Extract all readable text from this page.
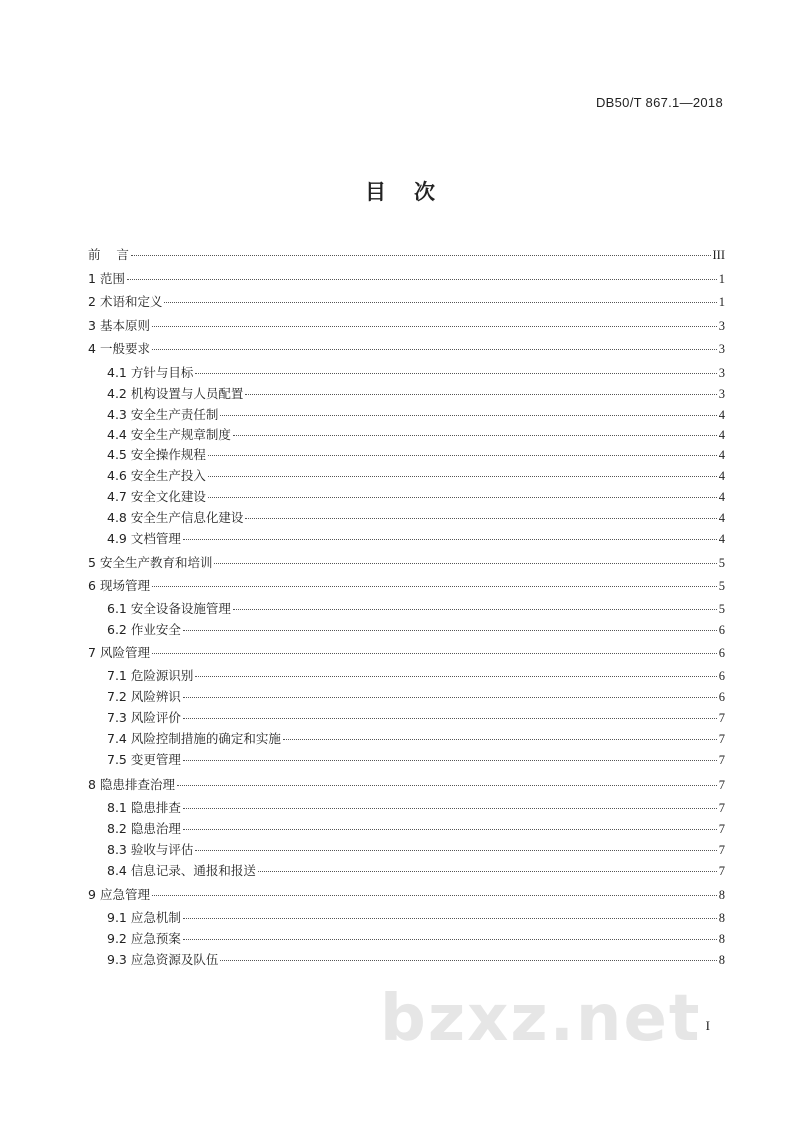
DB50/T 867.1—2018
目 次
前 言	III
1 范围	1
2 术语和定义	1
3 基本原则	3
4 一般要求	3
4.1 方针与目标	3
4.2 机构设置与人员配置	3
4.3 安全生产责任制	4
4.4 安全生产规章制度	4
4.5 安全操作规程	4
4.6 安全生产投入	4
4.7 安全文化建设	4
4.8 安全生产信息化建设	4
4.9 文档管理	4
5 安全生产教育和培训	5
6 现场管理	5
6.1 安全设备设施管理	5
6.2 作业安全	6
7 风险管理	6
7.1 危险源识别	6
7.2 风险辨识	6
7.3 风险评价	7
7.4 风险控制措施的确定和实施	7
7.5 变更管理	7
8 隐患排查治理	7
8.1 隐患排查	7
8.2 隐患治理	7
8.3 验收与评估	7
8.4 信息记录、通报和报送	7
9 应急管理	8
9.1 应急机制	8
9.2 应急预案	8
9.3 应急资源及队伍	8
I
bzxz.net
